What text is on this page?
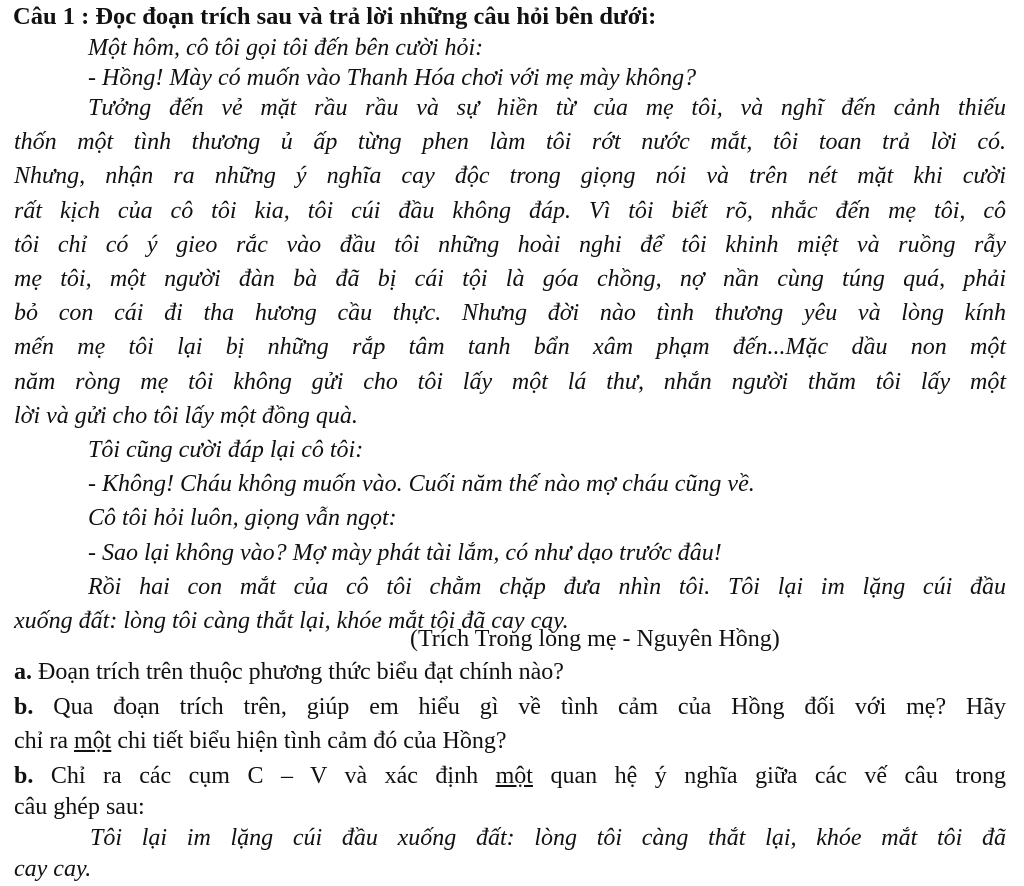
Câu 1 : Đọc đoạn trích sau và trả lời những câu hỏi bên dưới:
Một hôm, cô tôi gọi tôi đến bên cười hỏi:
- Hồng! Mày có muốn vào Thanh Hóa chơi với mẹ mày không?
Tưởng đến vẻ mặt rầu rầu và sự hiền từ của mẹ tôi, và nghĩ đến cảnh thiếu
thốn một tình thương ủ ấp từng phen làm tôi rớt nước mắt, tôi toan trả lời có.
Nhưng, nhận ra những ý nghĩa cay độc trong giọng nói và trên nét mặt khi cười
rất kịch của cô tôi kia, tôi cúi đầu không đáp. Vì tôi biết rõ, nhắc đến mẹ tôi, cô
tôi chỉ có ý gieo rắc vào đầu tôi những hoài nghi để tôi khinh miệt và ruồng rẫy
mẹ tôi, một người đàn bà đã bị cái tội là góa chồng, nợ nần cùng túng quá, phải
bỏ con cái đi tha hương cầu thực. Nhưng đời nào tình thương yêu và lòng kính
mến mẹ tôi lại bị những rắp tâm tanh bẩn xâm phạm đến...Mặc dầu non một
năm ròng mẹ tôi không gửi cho tôi lấy một lá thư, nhắn người thăm tôi lấy một
lời và gửi cho tôi lấy một đồng quà.
Tôi cũng cười đáp lại cô tôi:
- Không! Cháu không muốn vào. Cuối năm thế nào mợ cháu cũng về.
Cô tôi hỏi luôn, giọng vẫn ngọt:
- Sao lại không vào? Mợ mày phát tài lắm, có như dạo trước đâu!
Rồi hai con mắt của cô tôi chằm chặp đưa nhìn tôi. Tôi lại im lặng cúi đầu
xuống đất: lòng tôi càng thắt lại, khóe mắt tôi đã cay cay.
(Trích Trong lòng mẹ - Nguyên Hồng)
a. Đoạn trích trên thuộc phương thức biểu đạt chính nào?
b. Qua đoạn trích trên, giúp em hiểu gì về tình cảm của Hồng đối với mẹ? Hãy
chỉ ra một chi tiết biểu hiện tình cảm đó của Hồng?
b. Chỉ ra các cụm C – V và xác định một quan hệ ý nghĩa giữa các vế câu trong
câu ghép sau:
Tôi lại im lặng cúi đầu xuống đất: lòng tôi càng thắt lại, khóe mắt tôi đã
cay cay.
